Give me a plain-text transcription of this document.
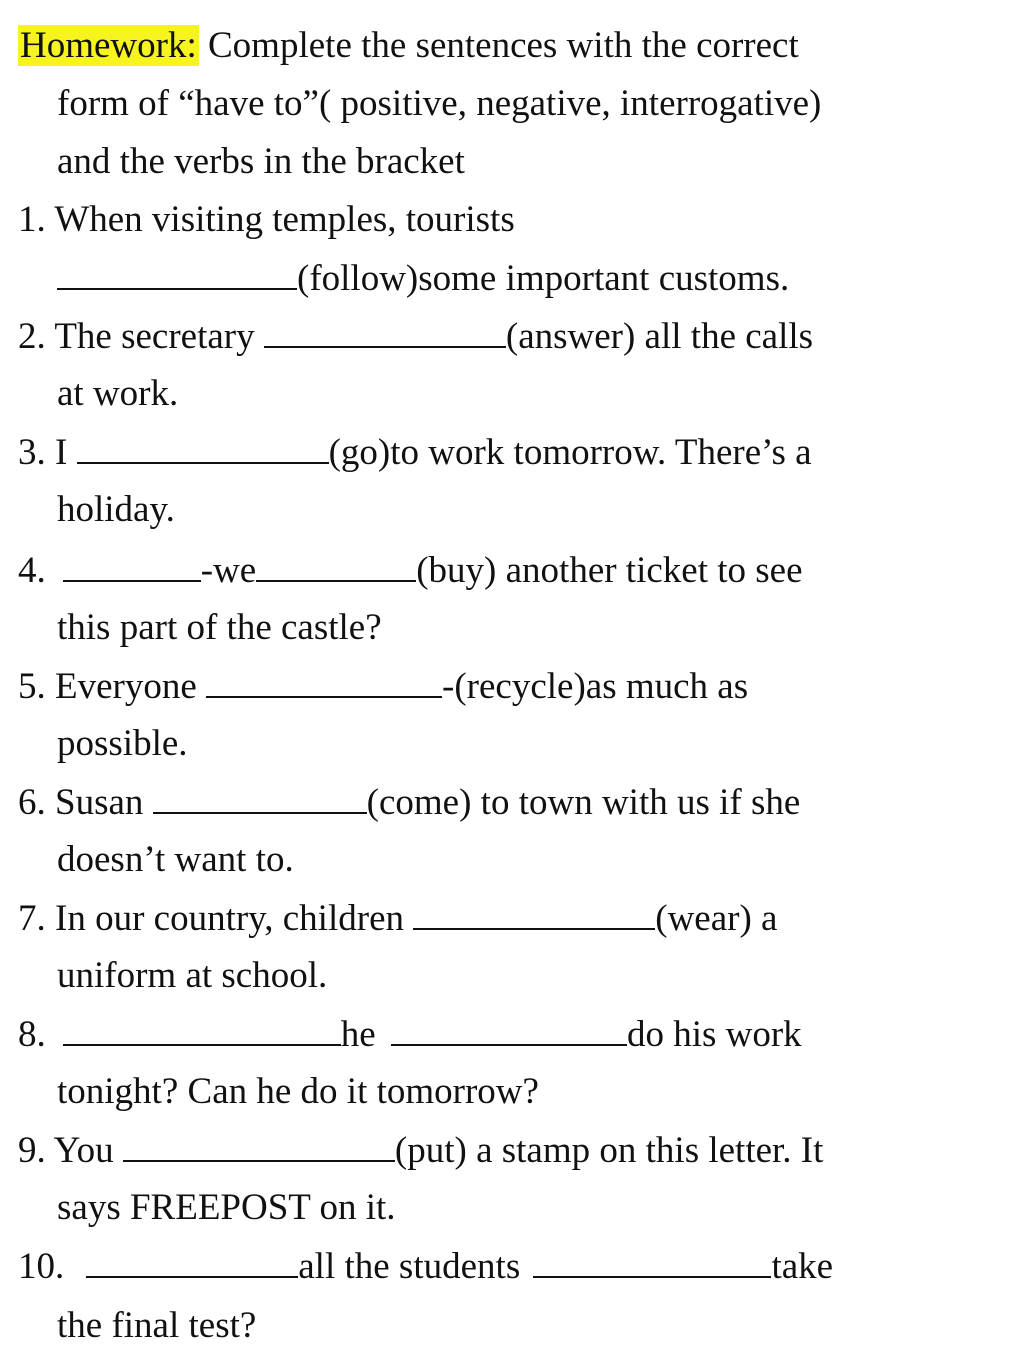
Homework: Complete the sentences with the correct
form of “have to”( positive, negative, interrogative)
and the verbs in the bracket
1. When visiting temples, tourists
(follow)some important customs.
2. The secretary	(answer) all the calls
at work.
3. I	(go)to work tomorrow. There’s a
holiday.
4.	-we	(buy) another ticket to see
this part of the castle?
5. Everyone	-(recycle)as much as
possible.
6. Susan	(come) to town with us if she
doesn’t want to.
7. In our country, children	(wear) a
uniform at school.
8.	he	do his work
tonight? Can he do it tomorrow?
9. You	(put) a stamp on this letter. It
says FREEPOST on it.
10.	all the students	take
the final test?
